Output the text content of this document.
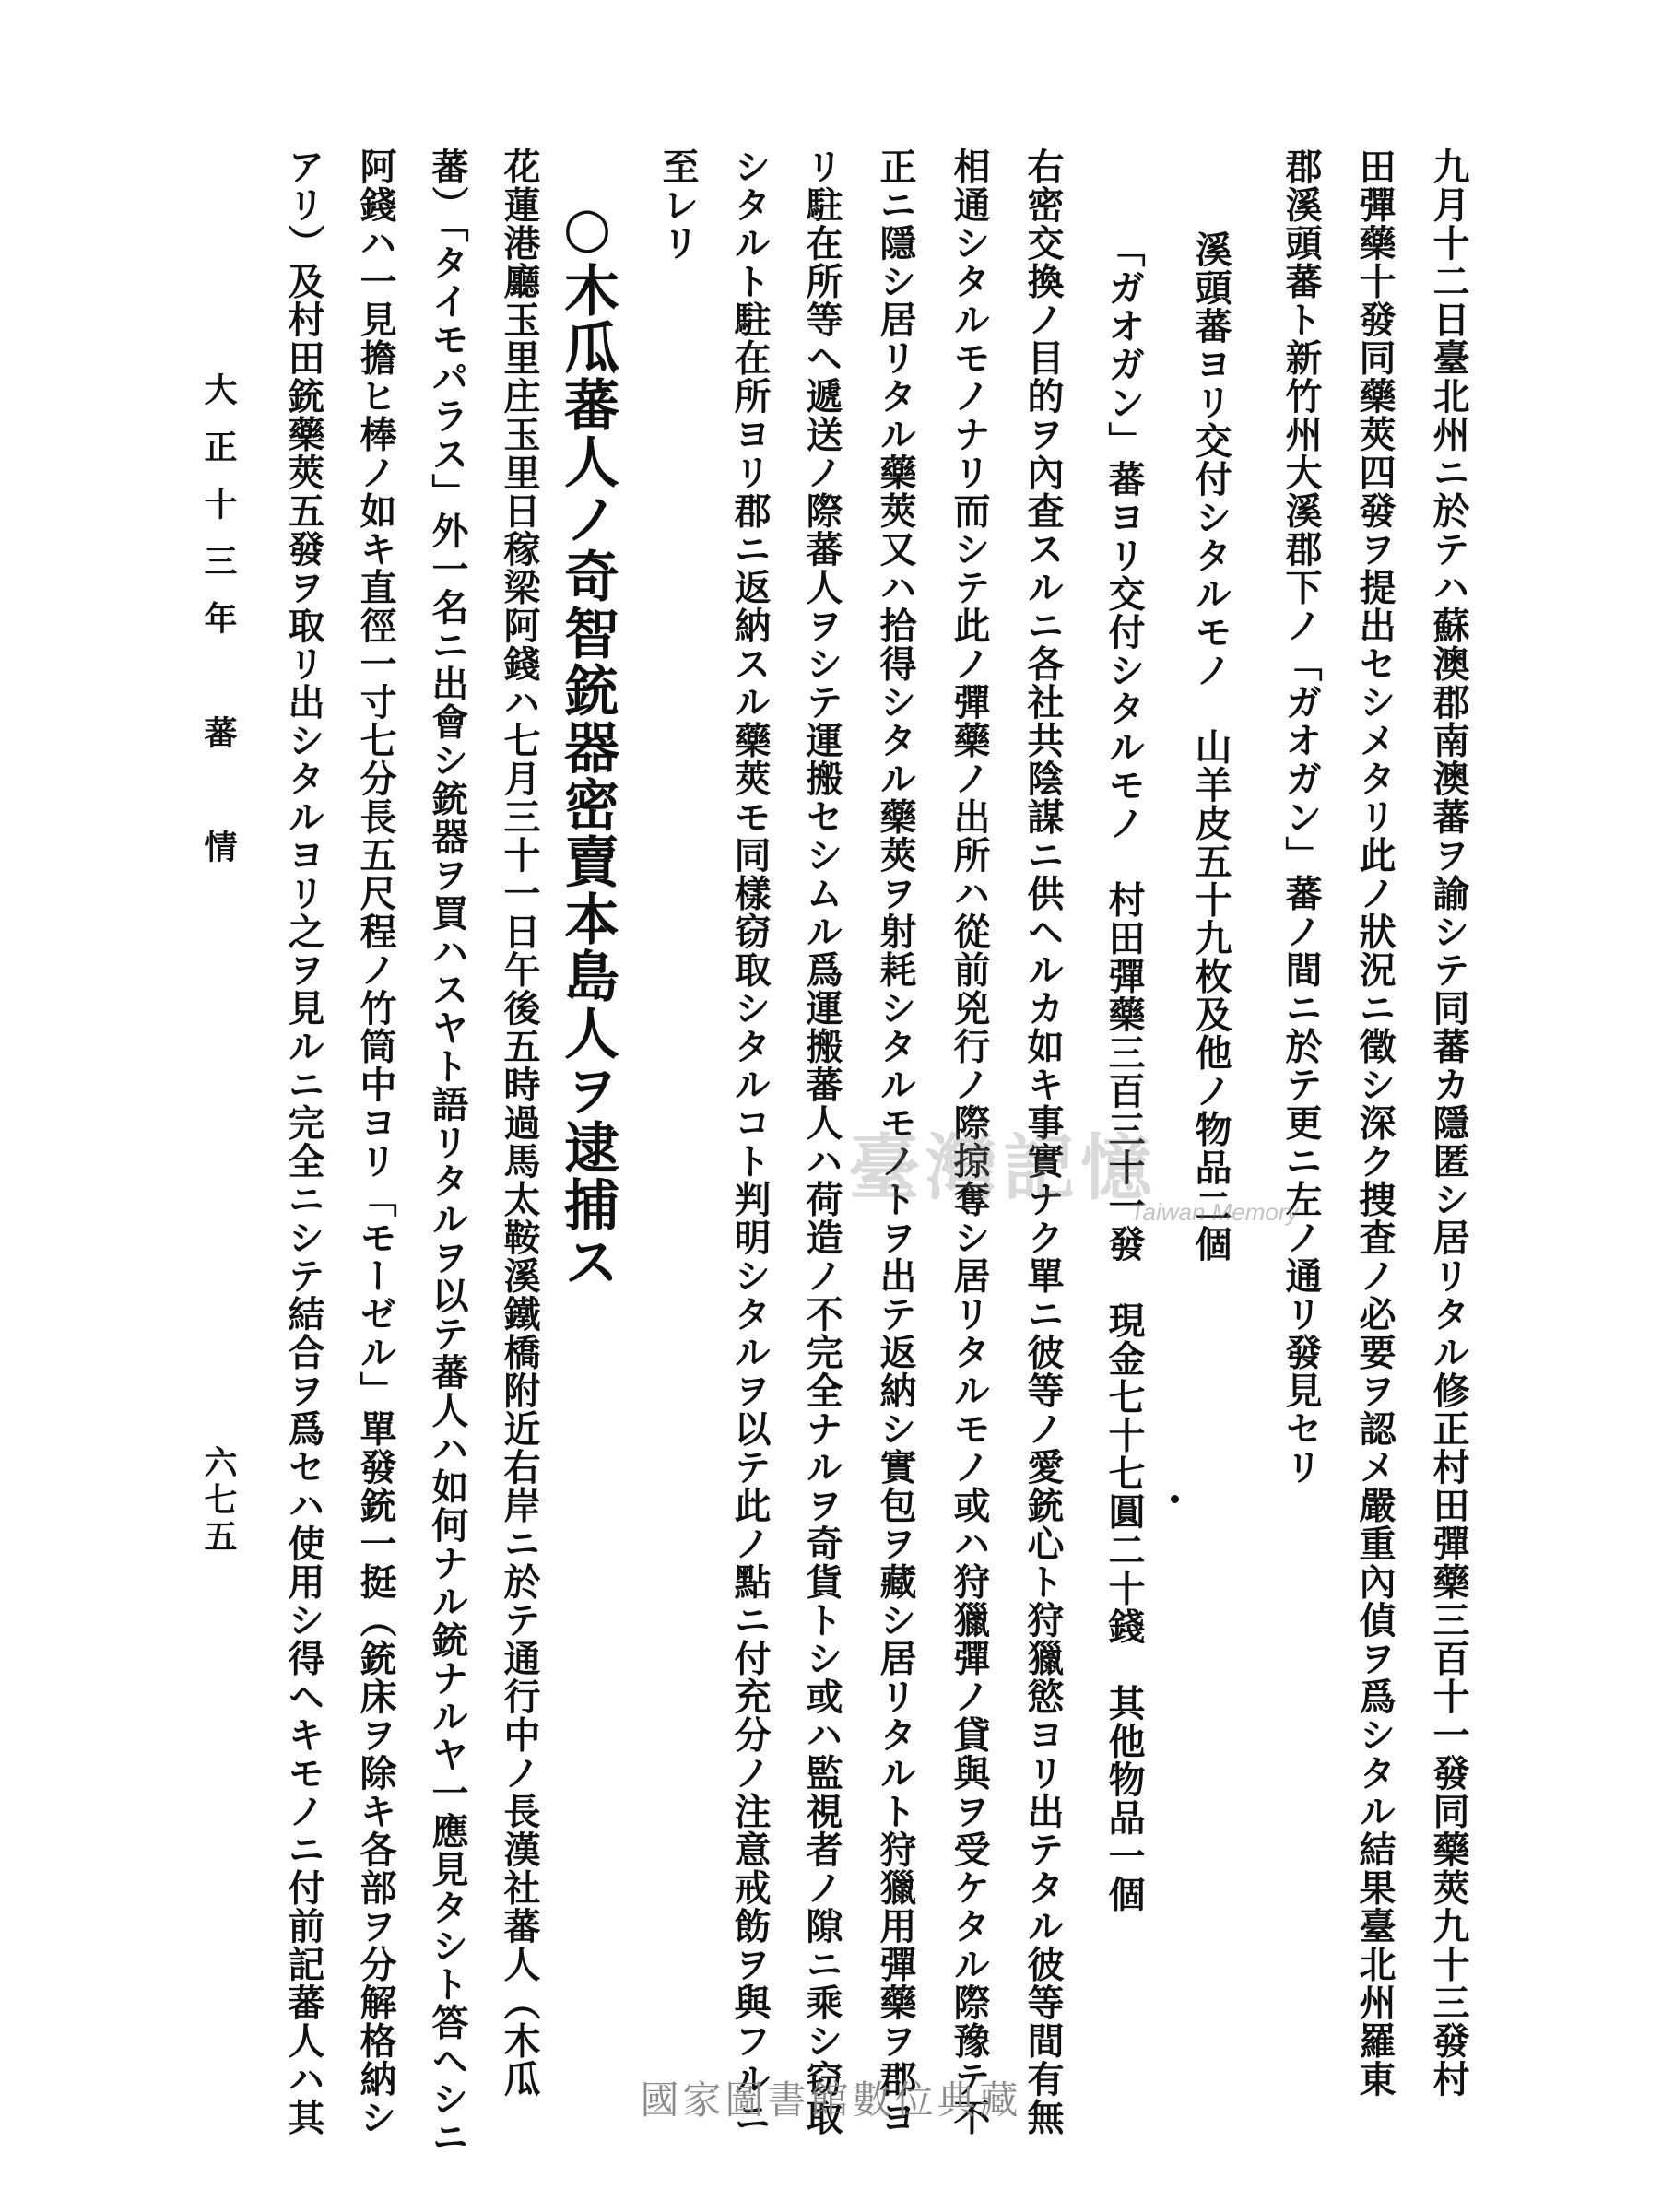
九月十二日臺北州ニ於テハ蘇澳郡南澳蕃ヲ諭シテ同蕃カ隱匿シ居リタル修正村田彈藥三百十一發同藥莢九十三發村
田彈藥十發同藥莢四發ヲ提出セシメタリ此ノ狀況ニ徵シ深ク捜査ノ必要ヲ認メ嚴重內偵ヲ爲シタル結果臺北州羅東
郡溪頭蕃ト新竹州大溪郡下ノ「ガオガン」蕃ノ間ニ於テ更ニ左ノ通リ發見セリ
溪頭蕃ヨリ交付シタルモノ　山羊皮五十九枚及他ノ物品二個
「ガオガン」蕃ヨリ交付シタルモノ　村田彈藥三百三十一發　現金七十七圓二十錢　其他物品一個
右密交換ノ目的ヲ內査スルニ各社共陰謀ニ供ヘルカ如キ事實ナク單ニ彼等ノ愛銃心ト狩獵慾ヨリ出テタル彼等間有無
相通シタルモノナリ而シテ此ノ彈藥ノ出所ハ從前兇行ノ際掠奪シ居リタルモノ或ハ狩獵彈ノ貸與ヲ受ケタル際豫テ不
正ニ隱シ居リタル藥莢又ハ拾得シタル藥莢ヲ射耗シタルモノトヲ出テ返納シ實包ヲ藏シ居リタルト狩獵用彈藥ヲ郡ヨ
リ駐在所等ヘ遞送ノ際蕃人ヲシテ運搬セシムル爲運搬蕃人ハ荷造ノ不完全ナルヲ奇貨トシ或ハ監視者ノ隙ニ乘シ窃取
シタルト駐在所ヨリ郡ニ返納スル藥莢モ同樣窃取シタルコト判明シタルヲ以テ此ノ點ニ付充分ノ注意戒飭ヲ與フルニ
至レリ
○木瓜蕃人ノ奇智銃器密賣本島人ヲ逮捕ス
花蓮港廳玉里庄玉里日稼梁阿錢ハ七月三十一日午後五時過馬太鞍溪鐵橋附近右岸ニ於テ通行中ノ長漢社蕃人（木瓜
蕃）「タイモパラス」外一名ニ出會シ銃器ヲ買ハスヤト語リタルヲ以テ蕃人ハ如何ナル銃ナルヤ一應見タシト答ヘシニ
阿錢ハ一見擔ヒ棒ノ如キ直徑一寸七分長五尺程ノ竹筒中ヨリ「モーゼル」單發銃一挺（銃床ヲ除キ各部ヲ分解格納シ
アリ）及村田銃藥莢五發ヲ取リ出シタルヨリ之ヲ見ルニ完全ニシテ結合ヲ爲セハ使用シ得ヘキモノニ付前記蕃人ハ其
大正十三年　蕃　情
六七五
臺灣記憶
Taiwan Memory
國家圖書館數位典藏
